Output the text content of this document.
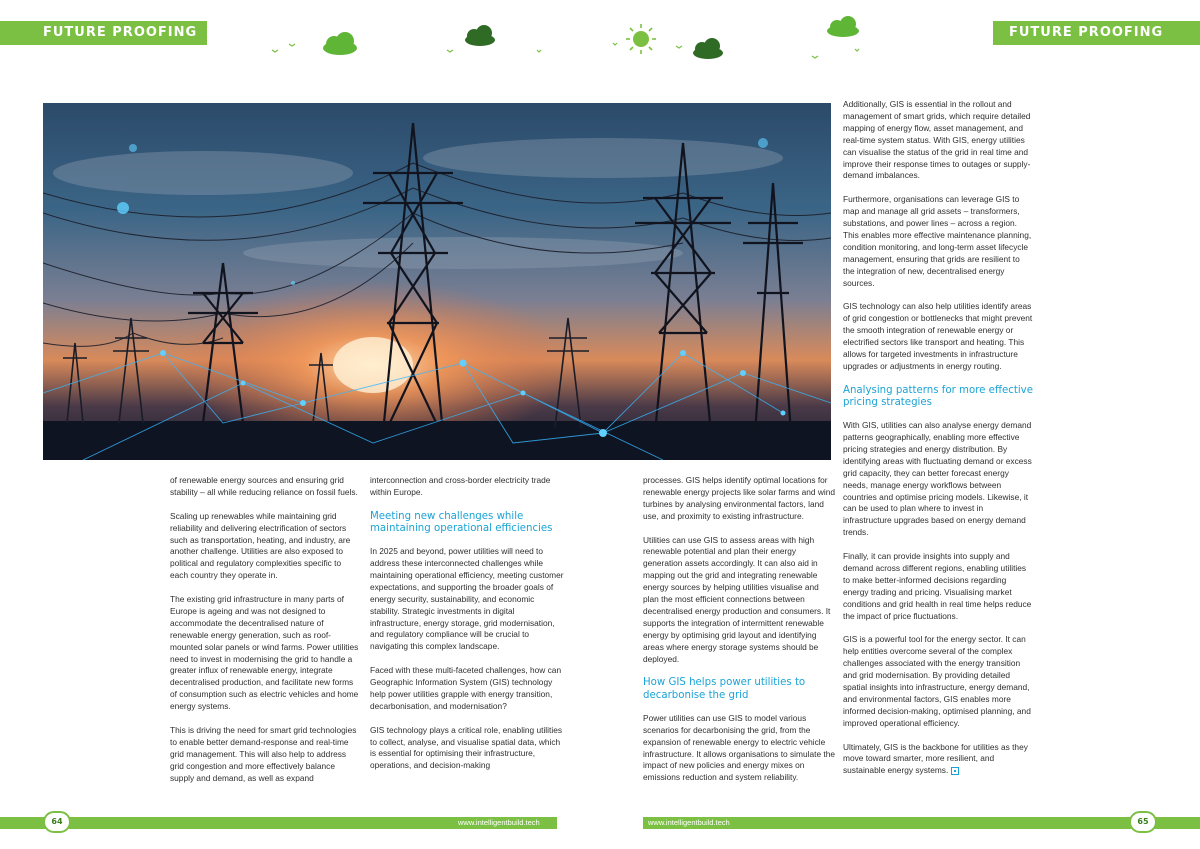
FUTURE PROOFING	FUTURE PROOFING

of renewable energy sources and ensuring grid stability – all while reducing reliance on fossil fuels.

Scaling up renewables while maintaining grid reliability and delivering electrification of sectors such as transportation, heating, and industry, are another challenge. Utilities are also exposed to political and regulatory complexities specific to each country they operate in.

The existing grid infrastructure in many parts of Europe is ageing and was not designed to accommodate the decentralised nature of renewable energy generation, such as roof-mounted solar panels or wind farms. Power utilities need to invest in modernising the grid to handle a greater influx of renewable energy, integrate decentralised production, and facilitate new forms of consumption such as electric vehicles and home energy systems.

This is driving the need for smart grid technologies to enable better demand-response and real-time grid management. This will also help to address grid congestion and more effectively balance supply and demand, as well as expand

interconnection and cross-border electricity trade within Europe.

Meeting new challenges while maintaining operational efficiencies

In 2025 and beyond, power utilities will need to address these interconnected challenges while maintaining operational efficiency, meeting customer expectations, and supporting the broader goals of energy security, sustainability, and economic stability. Strategic investments in digital infrastructure, energy storage, grid modernisation, and regulatory compliance will be crucial to navigating this complex landscape.

Faced with these multi-faceted challenges, how can Geographic Information System (GIS) technology help power utilities grapple with energy transition, decarbonisation, and modernisation?

GIS technology plays a critical role, enabling utilities to collect, analyse, and visualise spatial data, which is essential for optimising their infrastructure, operations, and decision-making

processes. GIS helps identify optimal locations for renewable energy projects like solar farms and wind turbines by analysing environmental factors, land use, and proximity to existing infrastructure.

Utilities can use GIS to assess areas with high renewable potential and plan their energy generation assets accordingly. It can also aid in mapping out the grid and integrating renewable energy sources by helping utilities visualise and plan the most efficient connections between decentralised energy production and consumers. It supports the integration of intermittent renewable energy by optimising grid layout and identifying areas where energy storage systems should be deployed.

How GIS helps power utilities to decarbonise the grid

Power utilities can use GIS to model various scenarios for decarbonising the grid, from the expansion of renewable energy to electric vehicle infrastructure. It allows organisations to simulate the impact of new policies and energy mixes on emissions reduction and system reliability.

Additionally, GIS is essential in the rollout and management of smart grids, which require detailed mapping of energy flow, asset management, and real-time system status. With GIS, energy utilities can visualise the status of the grid in real time and improve their response times to outages or supply-demand imbalances.

Furthermore, organisations can leverage GIS to map and manage all grid assets – transformers, substations, and power lines – across a region. This enables more effective maintenance planning, condition monitoring, and long-term asset lifecycle management, ensuring that grids are resilient to the integration of new, decentralised energy sources.

GIS technology can also help utilities identify areas of grid congestion or bottlenecks that might prevent the smooth integration of renewable energy or electrified sectors like transport and heating. This allows for targeted investments in infrastructure upgrades or adjustments in energy routing.

Analysing patterns for more effective pricing strategies

With GIS, utilities can also analyse energy demand patterns geographically, enabling more effective pricing strategies and energy distribution. By identifying areas with fluctuating demand or excess grid capacity, they can better forecast energy needs, manage energy workflows between countries and optimise pricing models. Likewise, it can be used to plan where to invest in infrastructure upgrades based on energy demand trends.

Finally, it can provide insights into supply and demand across different regions, enabling utilities to make better-informed decisions regarding energy trading and pricing. Visualising market conditions and grid health in real time helps reduce the impact of price fluctuations.

GIS is a powerful tool for the energy sector. It can help entities overcome several of the complex challenges associated with the energy transition and grid modernisation. By providing detailed spatial insights into infrastructure, energy demand, and environmental factors, GIS enables more informed decision-making, optimised planning, and improved operational efficiency.

Ultimately, GIS is the backbone for utilities as they move toward smarter, more resilient, and sustainable energy systems.

www.intelligentbuild.tech	www.intelligentbuild.tech
64	65
